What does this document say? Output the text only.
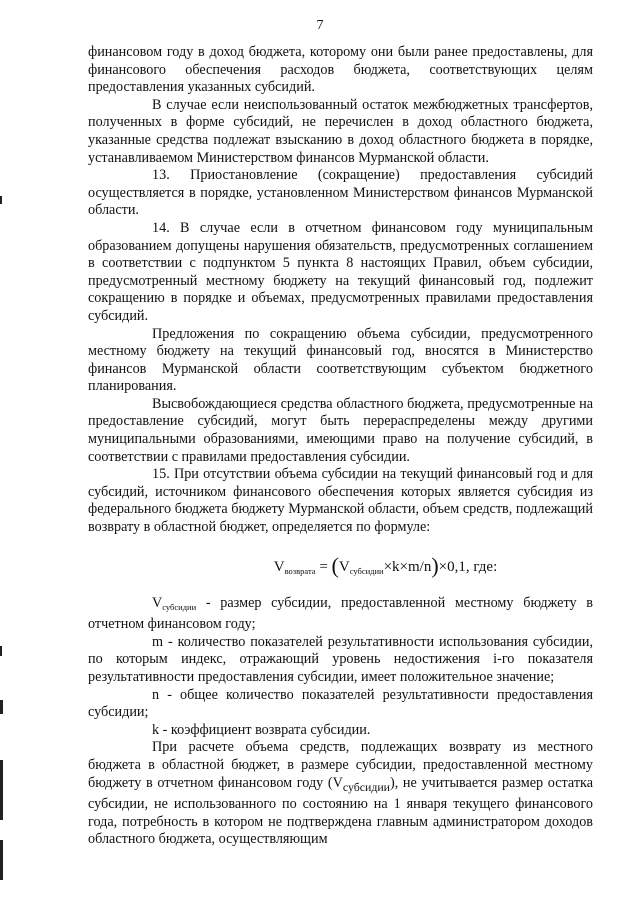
7

финансовом году в доход бюджета, которому они были ранее предоставлены, для финансового обеспечения расходов бюджета, соответствующих целям предоставления указанных субсидий.

В случае если неиспользованный остаток межбюджетных трансфертов, полученных в форме субсидий, не перечислен в доход областного бюджета, указанные средства подлежат взысканию в доход областного бюджета в порядке, устанавливаемом Министерством финансов Мурманской области.

13. Приостановление (сокращение) предоставления субсидий осуществляется в порядке, установленном Министерством финансов Мурманской области.

14. В случае если в отчетном финансовом году муниципальным образованием допущены нарушения обязательств, предусмотренных соглашением в соответствии с подпунктом 5 пункта 8 настоящих Правил, объем субсидии, предусмотренный местному бюджету на текущий финансовый год, подлежит сокращению в порядке и объемах, предусмотренных правилами предоставления субсидий.

Предложения по сокращению объема субсидии, предусмотренного местному бюджету на текущий финансовый год, вносятся в Министерство финансов Мурманской области соответствующим субъектом бюджетного планирования.

Высвобождающиеся средства областного бюджета, предусмотренные на предоставление субсидий, могут быть перераспределены между другими муниципальными образованиями, имеющими право на получение субсидий, в соответствии с правилами предоставления субсидии.

15. При отсутствии объема субсидии на текущий финансовый год и для субсидий, источником финансового обеспечения которых является субсидия из федерального бюджета бюджету Мурманской области, объем средств, подлежащий возврату в областной бюджет, определяется по формуле:

$V_{возврата} = (V_{субсидии}\times k\times m/n)\times 0,1$, где:

$V_{субсидии}$ - размер субсидии, предоставленной местному бюджету в отчетном финансовом году;

m - количество показателей результативности использования субсидии, по которым индекс, отражающий уровень недостижения i-го показателя результативности предоставления субсидии, имеет положительное значение;

n - общее количество показателей результативности предоставления субсидии;

k - коэффициент возврата субсидии.

При расчете объема средств, подлежащих возврату из местного бюджета в областной бюджет, в размере субсидии, предоставленной местному бюджету в отчетном финансовом году $(V_{субсидии})$, не учитывается размер остатка субсидии, не использованного по состоянию на 1 января текущего финансового года, потребность в котором не подтверждена главным администратором доходов областного бюджета, осуществляющим
